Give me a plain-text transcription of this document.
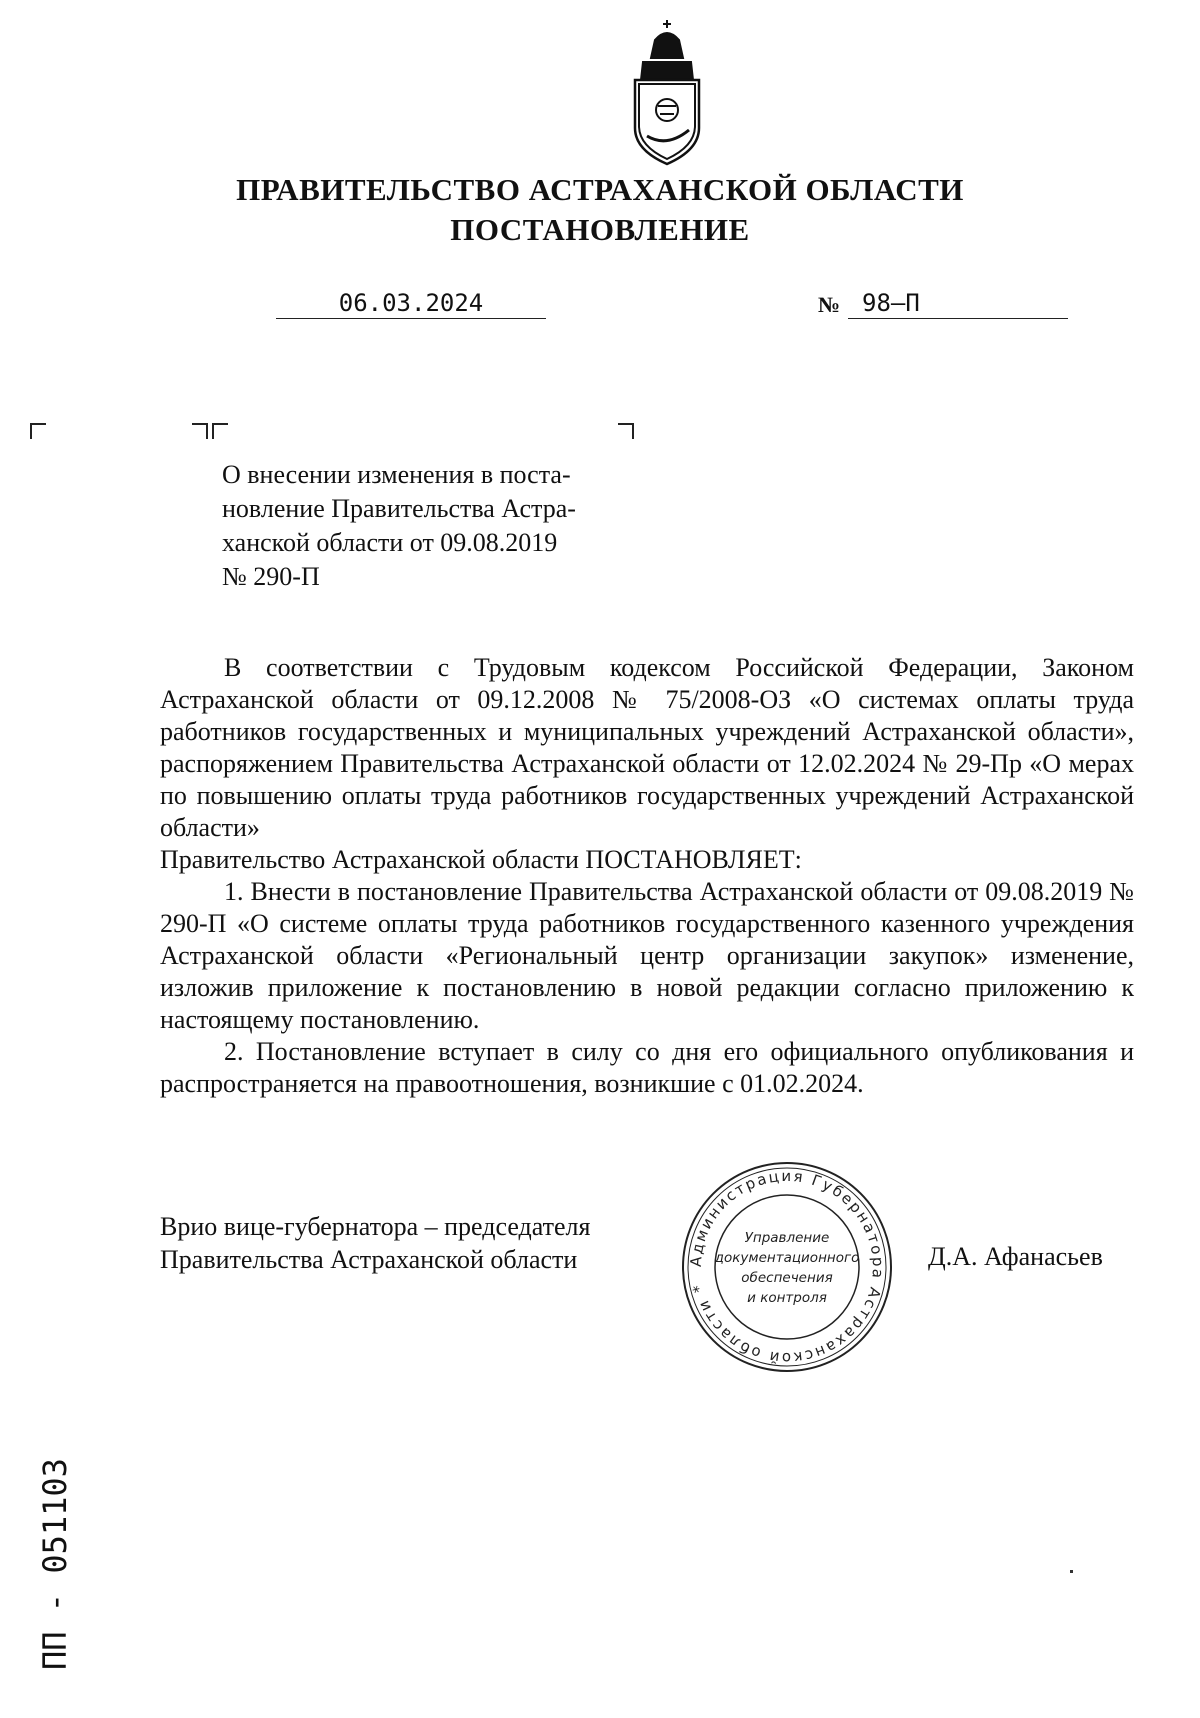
ПРАВИТЕЛЬСТВО АСТРАХАНСКОЙ ОБЛАСТИ
ПОСТАНОВЛЕНИЕ
06.03.2024	№ 98–П
О внесении изменения в поста-
новление Правительства Астра-
ханской области от 09.08.2019
№ 290-П

В соответствии с Трудовым кодексом Российской Федерации, Законом Астраханской области от 09.12.2008 № 75/2008-ОЗ «О системах оплаты труда работников государственных и муниципальных учреждений Астраханской области», распоряжением Правительства Астраханской области от 12.02.2024 № 29-Пр «О мерах по повышению оплаты труда работников государственных учреждений Астраханской области»

Правительство Астраханской области ПОСТАНОВЛЯЕТ:

1. Внести в постановление Правительства Астраханской области от 09.08.2019 № 290-П «О системе оплаты труда работников государственного казенного учреждения Астраханской области «Региональный центр организации закупок» изменение, изложив приложение к постановлению в новой редакции согласно приложению к настоящему постановлению.

2. Постановление вступает в силу со дня его официального опубликования и распространяется на правоотношения, возникшие с 01.02.2024.

Врио вице-губернатора – председателя
Правительства Астраханской области	Д.А. Афанасьев
Администрация Губернатора Астраханской области *
Управление
документационного
обеспечения
и контроля
ПП - 051103
